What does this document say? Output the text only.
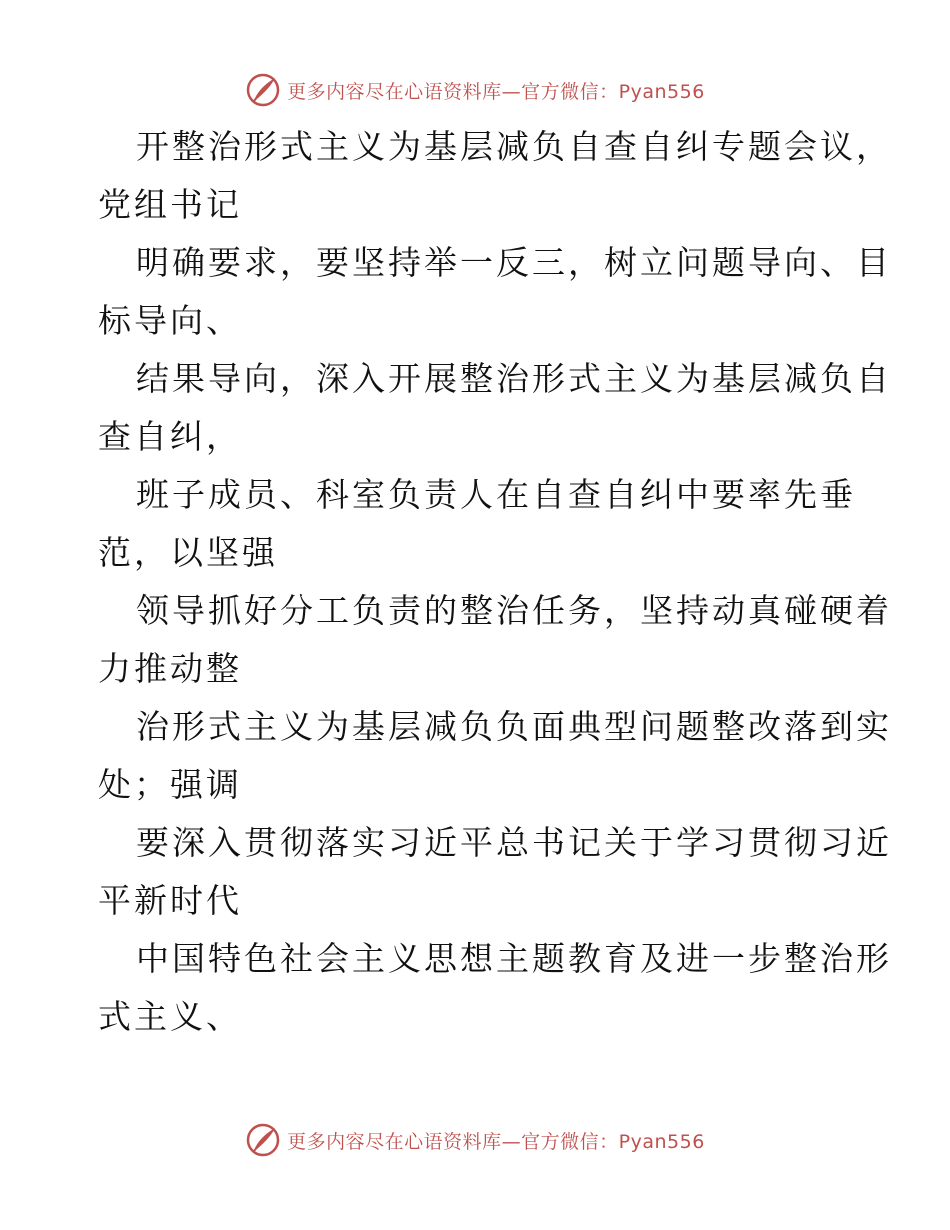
更多内容尽在心语资料库—官方微信：Pyan556
开整治形式主义为基层减负自查自纠专题会议，
党组书记
明确要求，要坚持举一反三，树立问题导向、目
标导向、
结果导向，深入开展整治形式主义为基层减负自
查自纠，
班子成员、科室负责人在自查自纠中要率先垂
范，以坚强
领导抓好分工负责的整治任务，坚持动真碰硬着
力推动整
治形式主义为基层减负负面典型问题整改落到实
处；强调
要深入贯彻落实习近平总书记关于学习贯彻习近
平新时代
中国特色社会主义思想主题教育及进一步整治形
式主义、
更多内容尽在心语资料库—官方微信：Pyan556
